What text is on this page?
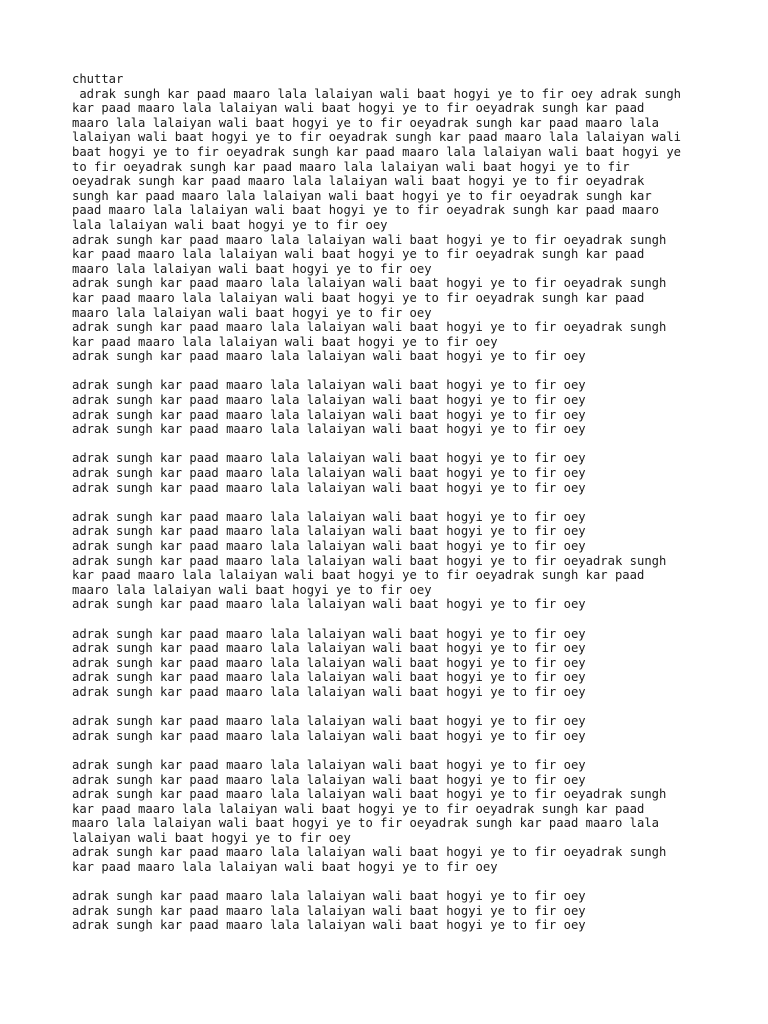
chuttar
adrak sungh kar paad maaro lala lalaiyan wali baat hogyi ye to fir oey adrak sungh
kar paad maaro lala lalaiyan wali baat hogyi ye to fir oeyadrak sungh kar paad
maaro lala lalaiyan wali baat hogyi ye to fir oeyadrak sungh kar paad maaro lala
lalaiyan wali baat hogyi ye to fir oeyadrak sungh kar paad maaro lala lalaiyan wali
baat hogyi ye to fir oeyadrak sungh kar paad maaro lala lalaiyan wali baat hogyi ye
to fir oeyadrak sungh kar paad maaro lala lalaiyan wali baat hogyi ye to fir
oeyadrak sungh kar paad maaro lala lalaiyan wali baat hogyi ye to fir oeyadrak
sungh kar paad maaro lala lalaiyan wali baat hogyi ye to fir oeyadrak sungh kar
paad maaro lala lalaiyan wali baat hogyi ye to fir oeyadrak sungh kar paad maaro
lala lalaiyan wali baat hogyi ye to fir oey
adrak sungh kar paad maaro lala lalaiyan wali baat hogyi ye to fir oeyadrak sungh
kar paad maaro lala lalaiyan wali baat hogyi ye to fir oeyadrak sungh kar paad
maaro lala lalaiyan wali baat hogyi ye to fir oey
adrak sungh kar paad maaro lala lalaiyan wali baat hogyi ye to fir oeyadrak sungh
kar paad maaro lala lalaiyan wali baat hogyi ye to fir oeyadrak sungh kar paad
maaro lala lalaiyan wali baat hogyi ye to fir oey
adrak sungh kar paad maaro lala lalaiyan wali baat hogyi ye to fir oeyadrak sungh
kar paad maaro lala lalaiyan wali baat hogyi ye to fir oey
adrak sungh kar paad maaro lala lalaiyan wali baat hogyi ye to fir oey
adrak sungh kar paad maaro lala lalaiyan wali baat hogyi ye to fir oey
adrak sungh kar paad maaro lala lalaiyan wali baat hogyi ye to fir oey
adrak sungh kar paad maaro lala lalaiyan wali baat hogyi ye to fir oey
adrak sungh kar paad maaro lala lalaiyan wali baat hogyi ye to fir oey
adrak sungh kar paad maaro lala lalaiyan wali baat hogyi ye to fir oey
adrak sungh kar paad maaro lala lalaiyan wali baat hogyi ye to fir oey
adrak sungh kar paad maaro lala lalaiyan wali baat hogyi ye to fir oey
adrak sungh kar paad maaro lala lalaiyan wali baat hogyi ye to fir oey
adrak sungh kar paad maaro lala lalaiyan wali baat hogyi ye to fir oey
adrak sungh kar paad maaro lala lalaiyan wali baat hogyi ye to fir oey
adrak sungh kar paad maaro lala lalaiyan wali baat hogyi ye to fir oeyadrak sungh
kar paad maaro lala lalaiyan wali baat hogyi ye to fir oeyadrak sungh kar paad
maaro lala lalaiyan wali baat hogyi ye to fir oey
adrak sungh kar paad maaro lala lalaiyan wali baat hogyi ye to fir oey
adrak sungh kar paad maaro lala lalaiyan wali baat hogyi ye to fir oey
adrak sungh kar paad maaro lala lalaiyan wali baat hogyi ye to fir oey
adrak sungh kar paad maaro lala lalaiyan wali baat hogyi ye to fir oey
adrak sungh kar paad maaro lala lalaiyan wali baat hogyi ye to fir oey
adrak sungh kar paad maaro lala lalaiyan wali baat hogyi ye to fir oey
adrak sungh kar paad maaro lala lalaiyan wali baat hogyi ye to fir oey
adrak sungh kar paad maaro lala lalaiyan wali baat hogyi ye to fir oey
adrak sungh kar paad maaro lala lalaiyan wali baat hogyi ye to fir oey
adrak sungh kar paad maaro lala lalaiyan wali baat hogyi ye to fir oey
adrak sungh kar paad maaro lala lalaiyan wali baat hogyi ye to fir oeyadrak sungh
kar paad maaro lala lalaiyan wali baat hogyi ye to fir oeyadrak sungh kar paad
maaro lala lalaiyan wali baat hogyi ye to fir oeyadrak sungh kar paad maaro lala
lalaiyan wali baat hogyi ye to fir oey
adrak sungh kar paad maaro lala lalaiyan wali baat hogyi ye to fir oeyadrak sungh
kar paad maaro lala lalaiyan wali baat hogyi ye to fir oey
adrak sungh kar paad maaro lala lalaiyan wali baat hogyi ye to fir oey
adrak sungh kar paad maaro lala lalaiyan wali baat hogyi ye to fir oey
adrak sungh kar paad maaro lala lalaiyan wali baat hogyi ye to fir oey
